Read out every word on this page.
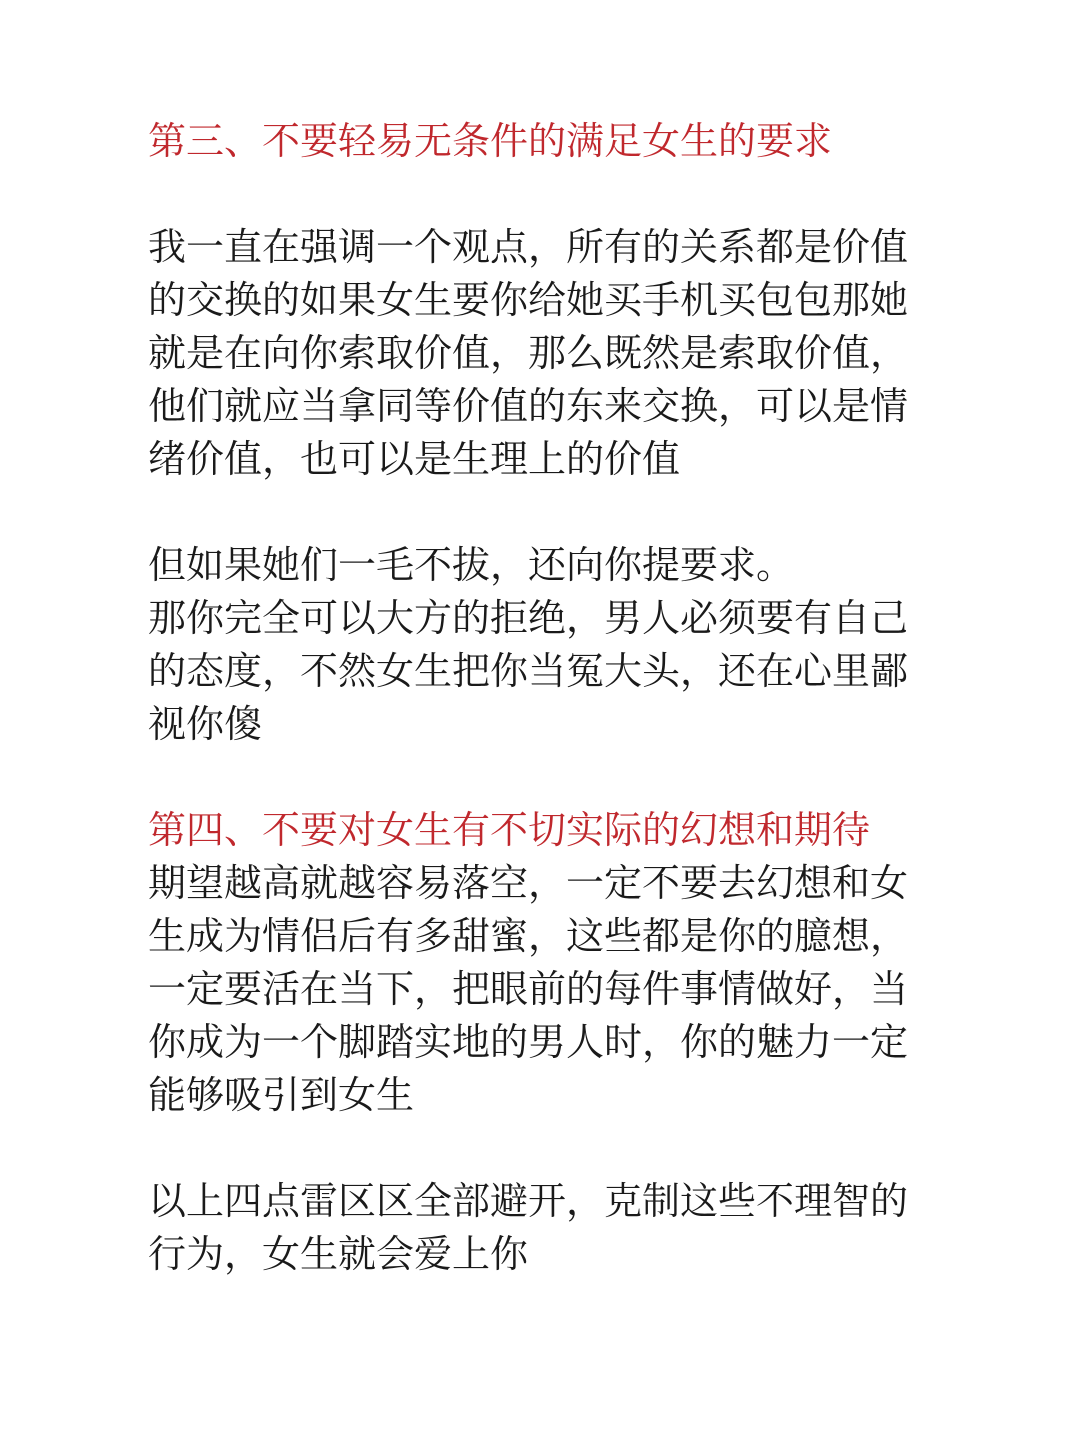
第三、不要轻易无条件的满足女生的要求
我一直在强调一个观点，所有的关系都是价值
的交换的如果女生要你给她买手机买包包那她
就是在向你索取价值，那么既然是索取价值，
他们就应当拿同等价值的东来交换，可以是情
绪价值，也可以是生理上的价值
但如果她们一毛不拔，还向你提要求。
那你完全可以大方的拒绝，男人必须要有自己
的态度，不然女生把你当冤大头，还在心里鄙
视你傻
第四、不要对女生有不切实际的幻想和期待
期望越高就越容易落空，一定不要去幻想和女
生成为情侣后有多甜蜜，这些都是你的臆想，
一定要活在当下，把眼前的每件事情做好，当
你成为一个脚踏实地的男人时，你的魅力一定
能够吸引到女生
以上四点雷区区全部避开，克制这些不理智的
行为，女生就会爱上你
